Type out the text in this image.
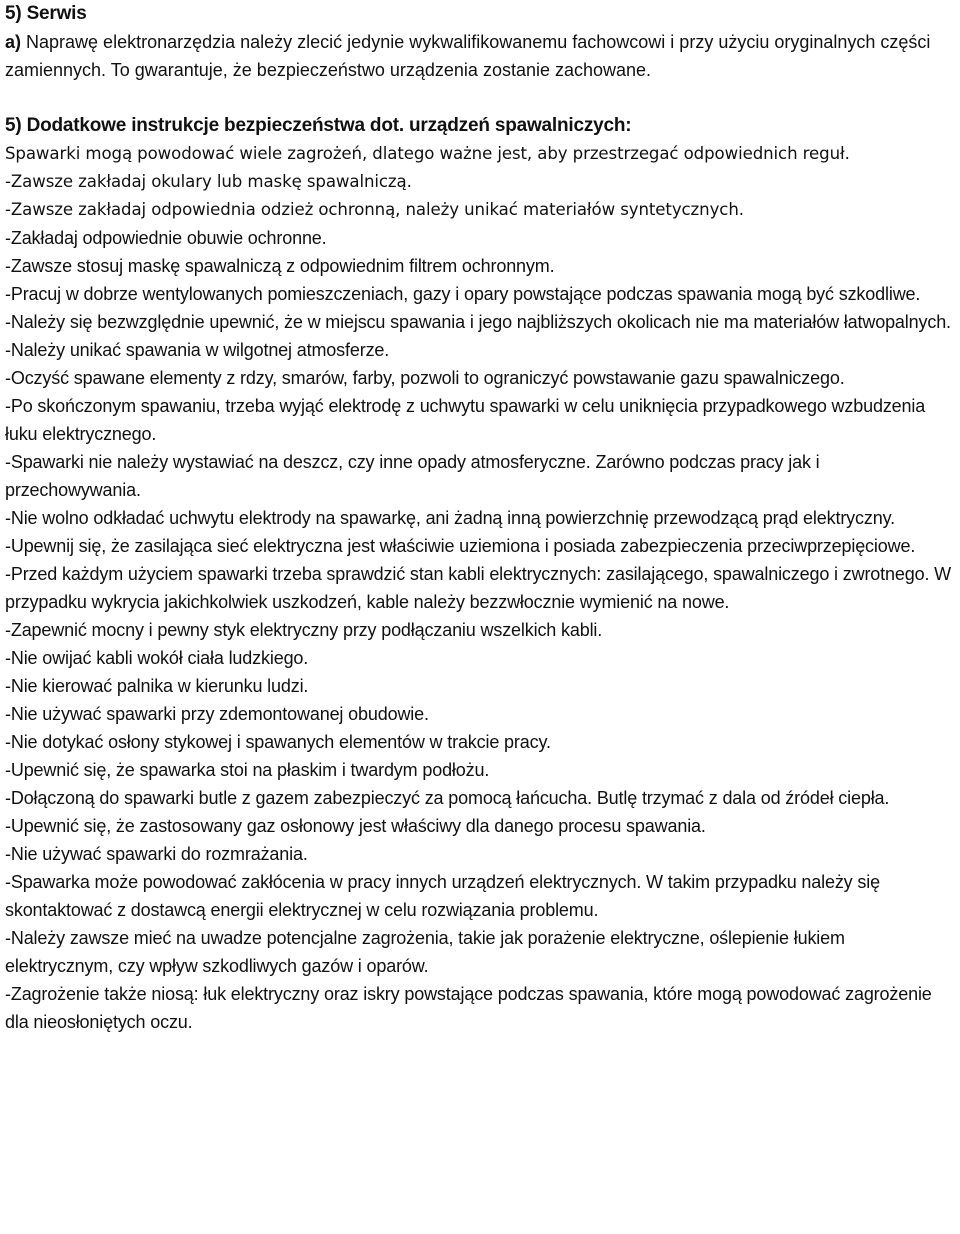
5) Serwis

a) Naprawę elektronarzędzia należy zlecić jedynie wykwalifikowanemu fachowcowi i przy użyciu oryginalnych części zamiennych. To gwarantuje, że bezpieczeństwo urządzenia zostanie zachowane.

5) Dodatkowe instrukcje bezpieczeństwa dot. urządzeń spawalniczych:

Spawarki mogą powodować wiele zagrożeń, dlatego ważne jest, aby przestrzegać odpowiednich reguł.

-Zawsze zakładaj okulary lub maskę spawalniczą.
-Zawsze zakładaj odpowiednia odzież ochronną, należy unikać materiałów syntetycznych.
-Zakładaj odpowiednie obuwie ochronne.
-Zawsze stosuj maskę spawalniczą z odpowiednim filtrem ochronnym.
-Pracuj w dobrze wentylowanych pomieszczeniach, gazy i opary powstające podczas spawania mogą być szkodliwe.
-Należy się bezwzględnie upewnić, że w miejscu spawania i jego najbliższych okolicach nie ma materiałów łatwopalnych.
-Należy unikać spawania w wilgotnej atmosferze.
-Oczyść spawane elementy z rdzy, smarów, farby, pozwoli to ograniczyć powstawanie gazu spawalniczego.
-Po skończonym spawaniu, trzeba wyjąć elektrodę z uchwytu spawarki w celu uniknięcia przypadkowego wzbudzenia łuku elektrycznego.
-Spawarki nie należy wystawiać na deszcz, czy inne opady atmosferyczne. Zarówno podczas pracy jak i przechowywania.
-Nie wolno odkładać uchwytu elektrody na spawarkę, ani żadną inną powierzchnię przewodzącą prąd elektryczny.
-Upewnij się, że zasilająca sieć elektryczna jest właściwie uziemiona i posiada zabezpieczenia przeciwprzepięciowe.
-Przed każdym użyciem spawarki trzeba sprawdzić stan kabli elektrycznych: zasilającego, spawalniczego i zwrotnego. W przypadku wykrycia jakichkolwiek uszkodzeń, kable należy bezzwłocznie wymienić na nowe.
-Zapewnić mocny i pewny styk elektryczny przy podłączaniu wszelkich kabli.
-Nie owijać kabli wokół ciała ludzkiego.
-Nie kierować palnika w kierunku ludzi.
-Nie używać spawarki przy zdemontowanej obudowie.
-Nie dotykać osłony stykowej i spawanych elementów w trakcie pracy.
-Upewnić się, że spawarka stoi na płaskim i twardym podłożu.
-Dołączoną do spawarki butle z gazem zabezpieczyć za pomocą łańcucha. Butlę trzymać z dala od źródeł ciepła.
-Upewnić się, że zastosowany gaz osłonowy jest właściwy dla danego procesu spawania.
-Nie używać spawarki do rozmrażania.
-Spawarka może powodować zakłócenia w pracy innych urządzeń elektrycznych. W takim przypadku należy się skontaktować z dostawcą energii elektrycznej w celu rozwiązania problemu.
-Należy zawsze mieć na uwadze potencjalne zagrożenia, takie jak porażenie elektryczne, oślepienie łukiem elektrycznym, czy wpływ szkodliwych gazów i oparów.
-Zagrożenie także niosą: łuk elektryczny oraz iskry powstające podczas spawania, które mogą powodować zagrożenie dla nieosłoniętych oczu.
